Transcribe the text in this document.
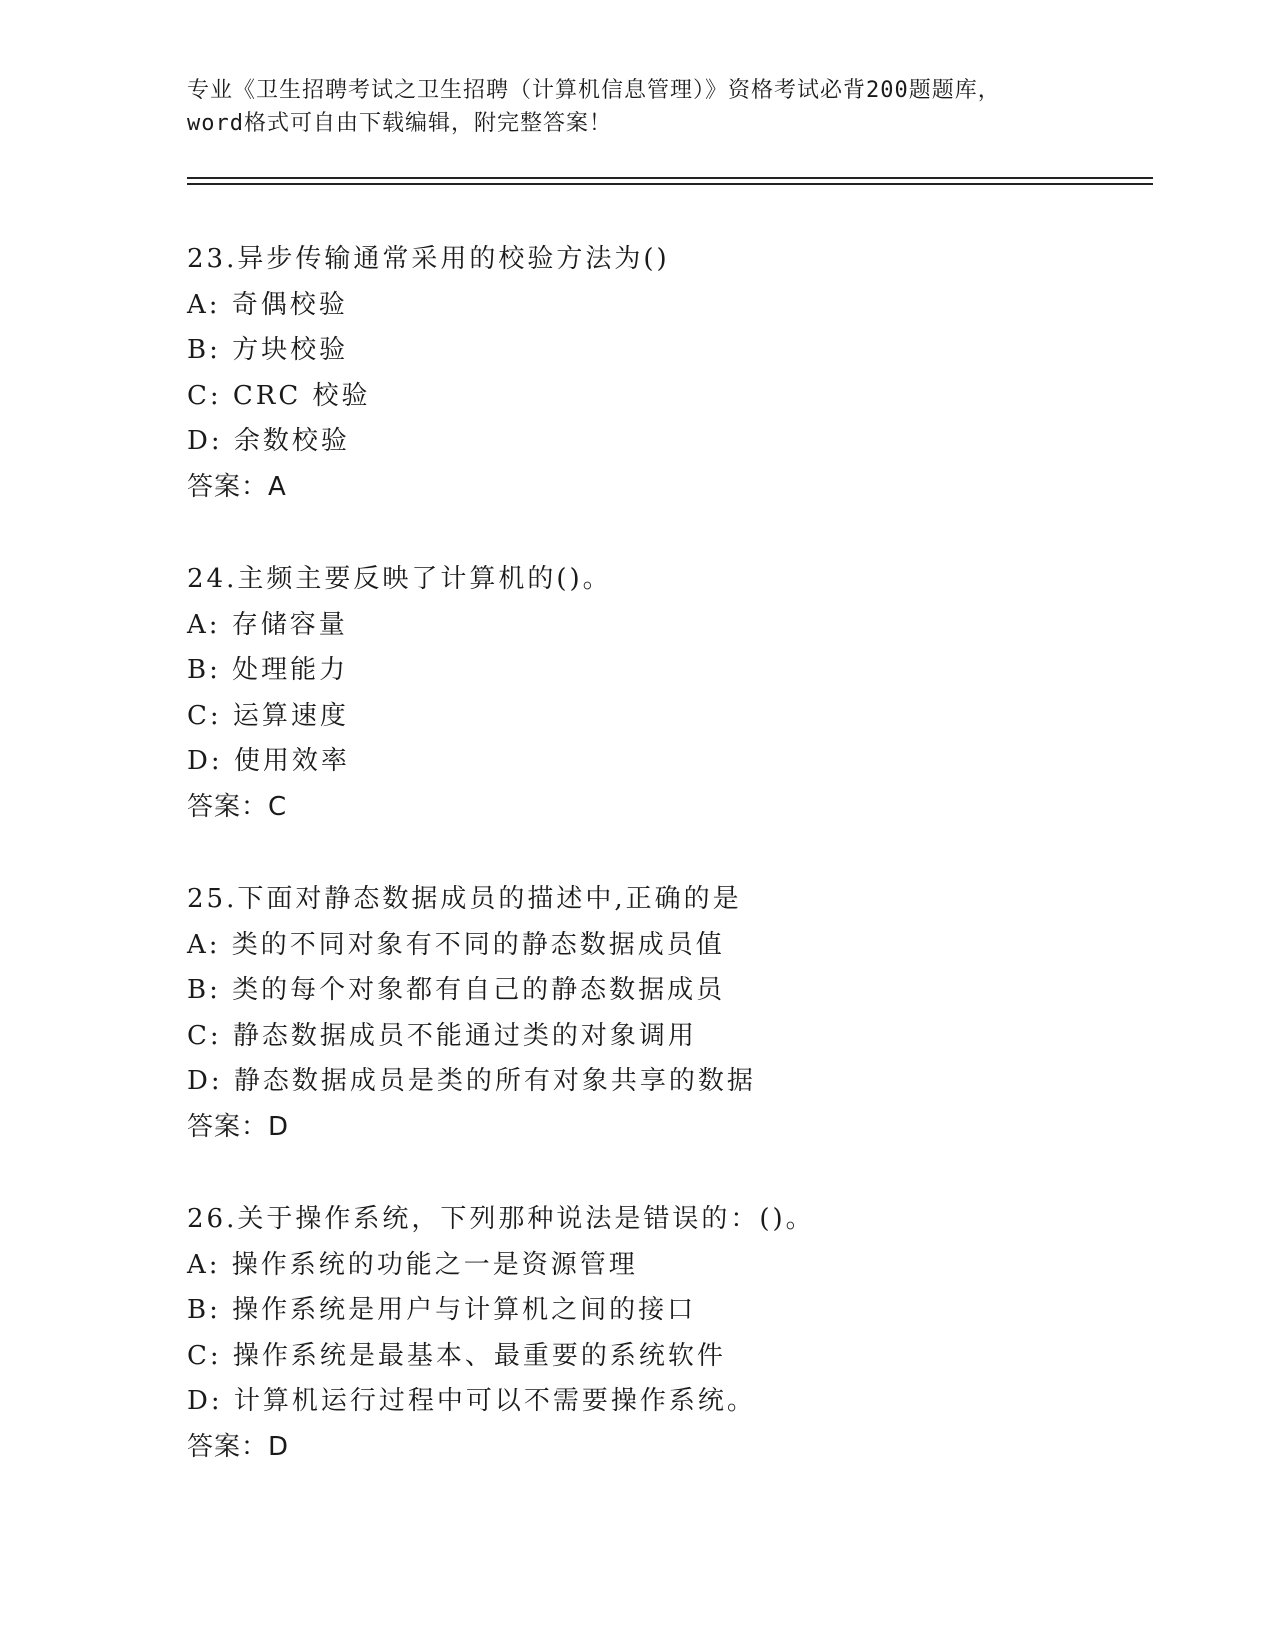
专业《卫生招聘考试之卫生招聘（计算机信息管理）》资格考试必背200题题库，
word格式可自由下载编辑，附完整答案！
23.异步传输通常采用的校验方法为()
A: 奇偶校验
B: 方块校验
C: CRC 校验
D: 余数校验
答案：A
24.主频主要反映了计算机的()。
A: 存储容量
B: 处理能力
C: 运算速度
D: 使用效率
答案：C
25.下面对静态数据成员的描述中,正确的是
A: 类的不同对象有不同的静态数据成员值
B: 类的每个对象都有自己的静态数据成员
C: 静态数据成员不能通过类的对象调用
D: 静态数据成员是类的所有对象共享的数据
答案：D
26.关于操作系统，下列那种说法是错误的：()。
A: 操作系统的功能之一是资源管理
B: 操作系统是用户与计算机之间的接口
C: 操作系统是最基本、最重要的系统软件
D: 计算机运行过程中可以不需要操作系统。
答案：D
